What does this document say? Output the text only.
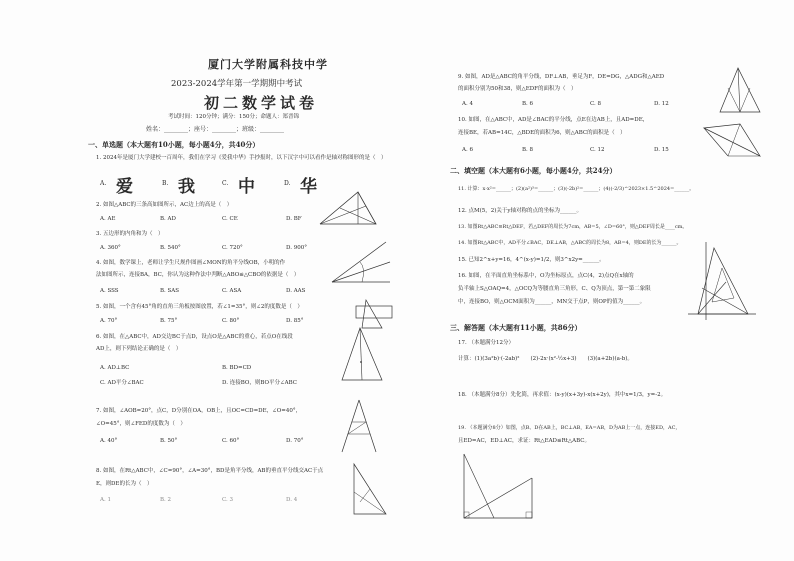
厦门大学附属科技中学
2023-2024学年第一学期期中考试
初二数学试卷
考试时间：120分钟；满分：150分；命题人：郑晋锦
姓名：________；座号：________；班级：________
一、单选题（本大题有10小题，每小题4分，共40分）
1. 2024年是厦门大学建校一百周年，我们在学习《爱我中华》手抄报时，以下汉字中可以看作是轴对称图形的是（　）
A. 爱	B. 我	C. 中	D. 华
2. 如图△ABC的三条高如图所示，AC边上的高是（　）
A. AE	B. AD	C. CE	D. BF
3. 五边形的内角和为（　）
A. 360°	B. 540°	C. 720°	D. 900°
4. 如图，数学课上，老师让学生尺规作图画∠MON的角平分线OB，小明的作
法如图所示，连接BA，BC，你认为这种作法中判断△ABO≌△CBO的依据是（　）
A. SSS	B. SAS	C. ASA	D. AAS
5. 如图，一个含有45°角的直角三角板按图放置，若∠1=35°，则∠2的度数是（　）
A. 70°	B. 75°	C. 80°	D. 85°
6. 如图，在△ABC中，AD交边BC于点D，设点O是△ABC的重心，若点O在线段
AD上，则下列结论正确的是（　）
A. AD⊥BC	B. BD=CD
C. AD平分∠BAC	D. 连接BO，则BO平分∠ABC
7. 如图，∠AOB=20°，点C，D分别在OA，OB上，且OC=CD=DE，∠O=40°，
∠O=45°，则∠FED的度数为（　）
A. 40°	B. 50°	C. 60°	D. 70°
8. 如图，在Rt△ABC中，∠C=90°，∠A=30°，BD是角平分线，AB的垂直平分线交AC于点
E，则DE的长为（　）
A. 1	B. 2	C. 3	D. 4
9. 如图，AD是△ABC的角平分线，DF⊥AB，垂足为F，DE=DG，△ADG和△AED
的面积分别为50和38，则△EDF的面积为（　）
A. 4	B. 6	C. 8	D. 12
10. 如图，在△ABC中，AD是∠BAC的平分线，点E在边AB上，且AD=DE，
连接BE，若AB=14C，△BDE的面积为6，则△ABC的面积是（　）
A. 6	B. 8	C. 12	D. 15
二、填空题（本大题有6小题，每小题4分，共24分）
11. 计算：x·x²=______；(2)(a²)³=______；(3)(-2b)²=______；(4)(-2/3)^2023×1.5^2024=______。
12. 点M(5，2)关于y轴对称的点的坐标为______。
13. 如图Rt△ABC≌Rt△DEF，若△DEF的周长为7cm，AB=5，∠D=60°，则△DEF周长是____cm。
14. 如图Rt△ABC中，AD平分∠BAC，DE⊥AB，△ABC的周长为8，AB=4，则DE的长为______。
15. 已知2^x+y=16，4^(x-y)=1/2，则3^x2y=______。
16. 如图，在平面直角坐标系中，O为坐标原点，点C(4，2)点Q在x轴的
负半轴上S△OAQ=4，△OCQ为等腰直角三角形，C、Q为顶点，第一第二象限
中，连接BO，则△OCM面积为______，MN交于点P，则OP的值为______。
三、解答题（本大题有11小题，共86分）
17. （本题满分12分）
计算：(1)(3a²b)·(-2ab)²　　(2)-2x·(x²-½x+3)　　(3)(a+2b)(a-b)。
18. （本题满分8分）先化简，再求值：(x-y)(x+3y)-x(x+2y)，其中x=1/3，y=-2。
19. （本题满分8分）如图，点B、D在AB上，BC⊥AB，EA=AB，D为AB上一点，连接ED，AC，
且ED=AC，ED⊥AC，求证：Rt△EAD≌Rt△ABC。
